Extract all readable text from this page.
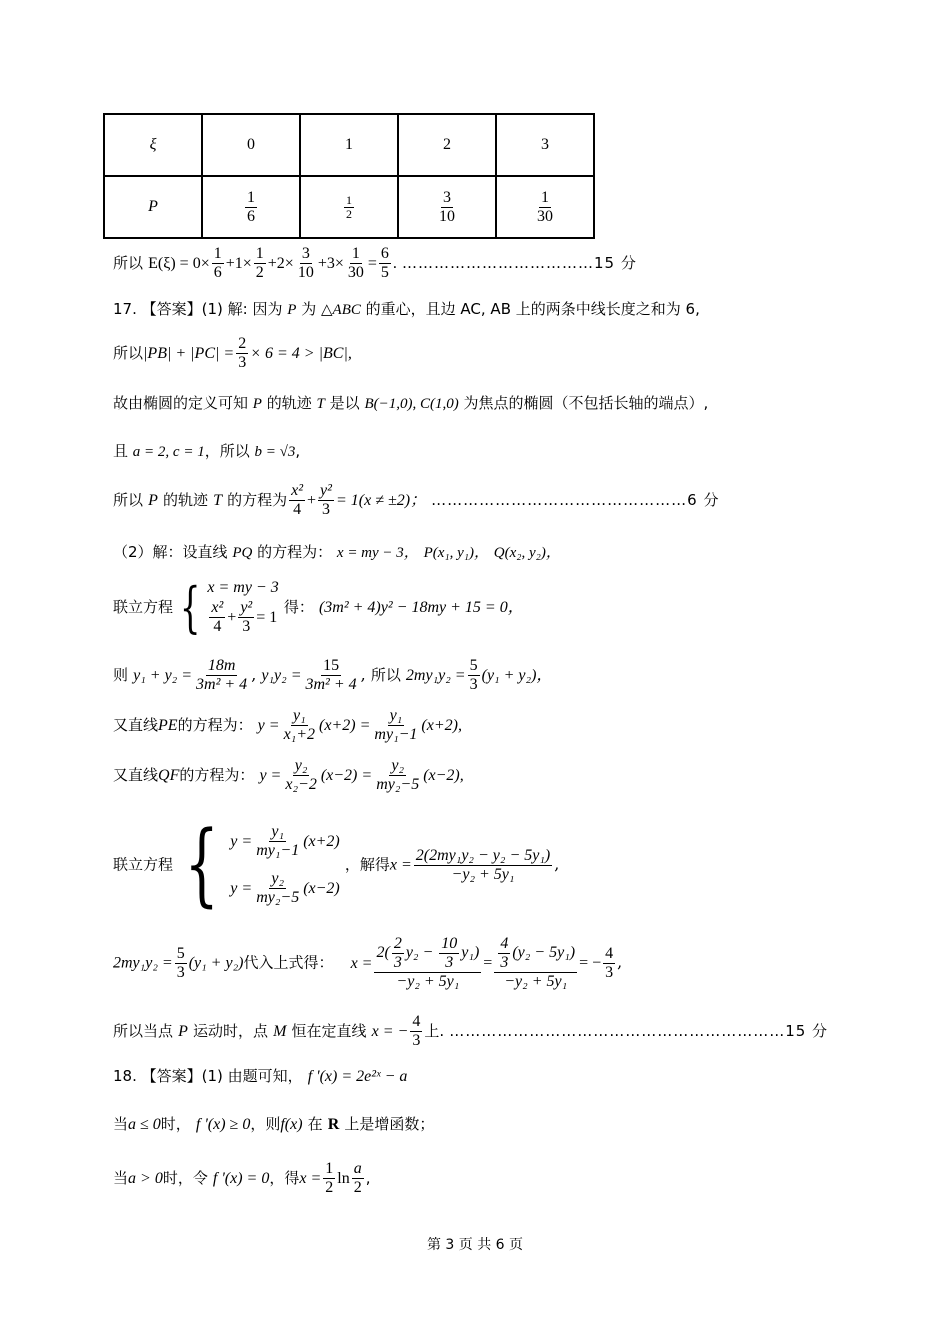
ξ	0	1	2	3
P	$\frac{1}{6}$	$\frac{1}{2}$	$\frac{3}{10}$	$\frac{1}{30}$
所以 $E(\xi) = 0\times \frac{1}{6} +1\times \frac{1}{2} +2\times \frac{3}{10} +3\times \frac{1}{30} = \frac{6}{5}$ . ………………………………15 分
17. 【答案】(1) 解: 因为 P 为 △ABC 的重心，且边 AC, AB 上的两条中线长度之和为 6,
所以$|PB| + |PC| = \frac{2}{3} \times 6 = 4 > |BC|$,
故由椭圆的定义可知 P 的轨迹 T 是以 B(−1,0), C(1,0) 为焦点的椭圆（不包括长轴的端点）,
且 a = 2, c = 1，所以 b = √3,
所以 P 的轨迹 T 的方程为 $\frac{\text{x²}}{4} + \frac{\text{y²}}{3} = 1(x \ne \pm 2)$； …………………………………………6 分
（2）解：设直线 PQ 的方程为： x = my − 3， P(x₁, y₁)， Q(x₂, y₂)，
联立方程 { x = my − 3
$\frac{\text{x²}}{4} + \frac{\text{y²}}{3} = 1$
得： (3m² + 4)y² − 18my + 15 = 0，
则 $y_1 + y_2 = \frac{18m}{\text{3m² + 4}}$ , $y_1y_2 = \frac{15}{\text{3m² + 4}}$ , 所以 $2my_1y_2 = \frac{5}{3} (y_1 + y_2)$，
又直线PE的方程为： $y = \frac{\text{y₁}}{\text{x₁+2}} (x+2) = \frac{\text{y₁}}{\text{my₁−1}} (x+2)$,
又直线QF的方程为： $y = \frac{\text{y₂}}{\text{x₂−2}} (x-2) = \frac{\text{y₂}}{\text{my₂−5}} (x-2)$,
联立方程 { $y = \frac{\text{y₁}}{\text{my₁−1}} (x+2)$
$y = \frac{\text{y₂}}{\text{my₂−5}} (x-2)$
，解得$x = \frac{\text{2(2my₁y₂ − y₂ − 5y₁)}}{\text{−y₂ + 5y₁}}$ ,
$2my_1y_2 = \frac{5}{3} (y_1 + y_2)$代入上式得： $x = \frac{2( \frac{2}{3} y_2 - \frac{10}{3} y_1)}{\text{−y₂ + 5y₁}} = \frac{\frac{4}{3} (y_2 - 5y_1)}{\text{−y₂ + 5y₁}}$ = − $\frac{4}{3}$ ,
所以当点 P 运动时，点 M 恒在定直线 x = − $\frac{4}{3}$ 上. ………………………………………………………15 分
18. 【答案】(1) 由题可知， f '(x) = 2e²ˣ − a
当a ≤ 0时， f '(x) ≥ 0，则f(x) 在 R 上是增函数；
当a > 0时，令 f '(x) = 0，得$x = \frac{1}{2}$ $\ln \frac{a}{2}$ ,
第 3 页 共 6 页
